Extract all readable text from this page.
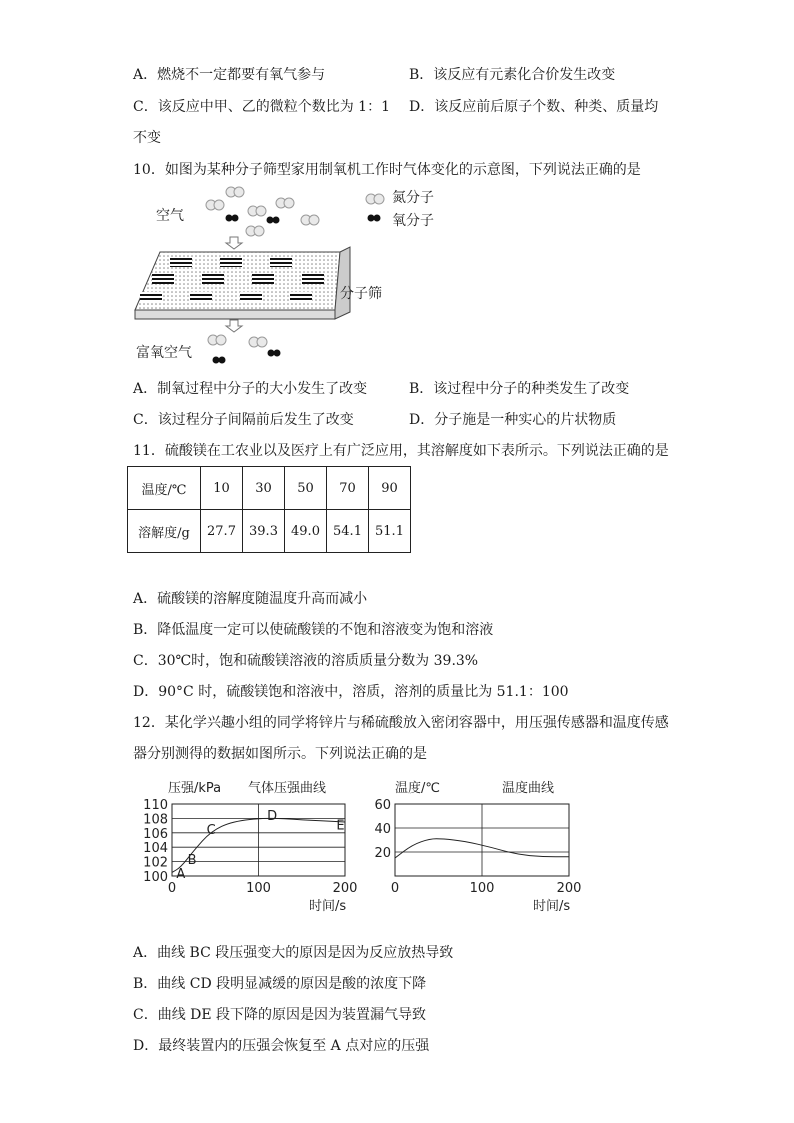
A．燃烧不一定都要有氧气参与	B．该反应有元素化合价发生改变
C．该反应中甲、乙的微粒个数比为 1：1 D．该反应前后原子个数、种类、质量均
不变
10．如图为某种分子筛型家用制氧机工作时气体变化的示意图，下列说法正确的是
空气
氮分子
氧分子
分子筛
富氧空气
A．制氧过程中分子的大小发生了改变	B．该过程中分子的种类发生了改变
C．该过程分子间隔前后发生了改变	D．分子施是一种实心的片状物质
11．硫酸镁在工农业以及医疗上有广泛应用，其溶解度如下表所示。下列说法正确的是
温度/℃	10	30	50	70	90
溶解度/g	27.7	39.3	49.0	54.1	51.1
A．硫酸镁的溶解度随温度升高而减小
B．降低温度一定可以使硫酸镁的不饱和溶液变为饱和溶液
C．30℃时，饱和硫酸镁溶液的溶质质量分数为 39.3%
D．90°C 时，硫酸镁饱和溶液中，溶质，溶剂的质量比为 51.1：100
12．某化学兴趣小组的同学将锌片与稀硫酸放入密闭容器中，用压强传感器和温度传感
器分别测得的数据如图所示。下列说法正确的是
100
102
104
106
108
110
0	100	200
A
B
C
D
E
压强/kPa 气体压强曲线
时间/s
20
40
60
0	100	200
温度/℃	温度曲线
时间/s
A．曲线 BC 段压强变大的原因是因为反应放热导致
B．曲线 CD 段明显减缓的原因是酸的浓度下降
C．曲线 DE 段下降的原因是因为装置漏气导致
D．最终装置内的压强会恢复至 A 点对应的压强
